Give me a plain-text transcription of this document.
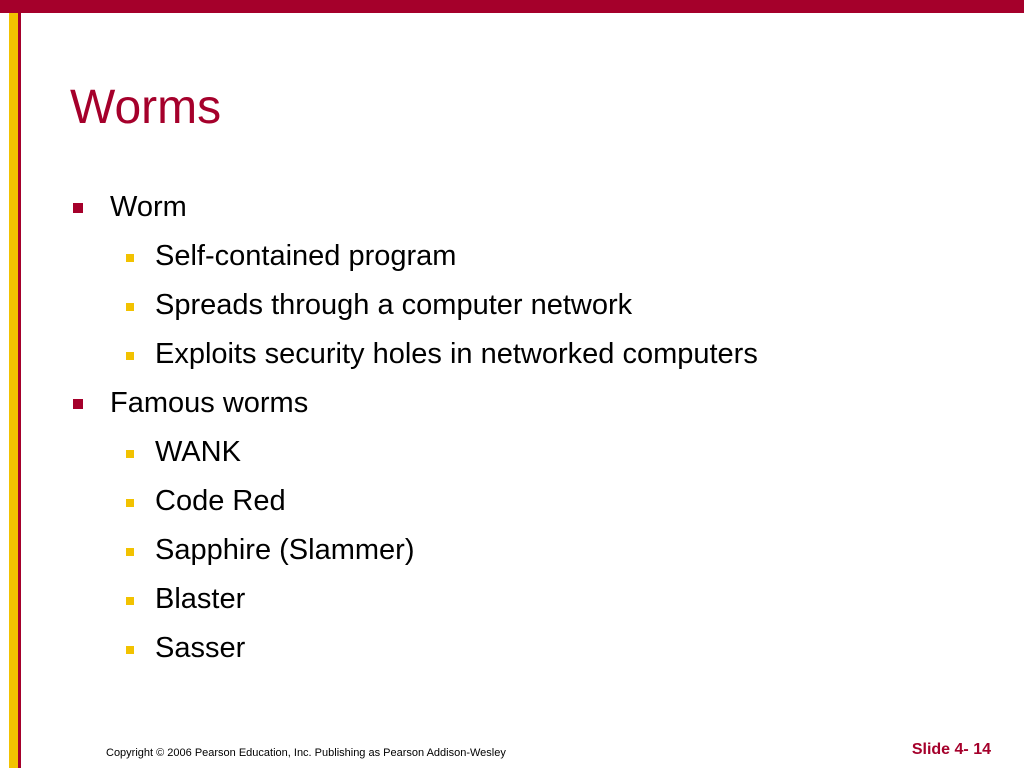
Worms
Worm
Self-contained program
Spreads through a computer network
Exploits security holes in networked computers
Famous worms
WANK
Code Red
Sapphire (Slammer)
Blaster
Sasser
Copyright © 2006 Pearson Education, Inc. Publishing as Pearson Addison-Wesley	Slide 4- 14
